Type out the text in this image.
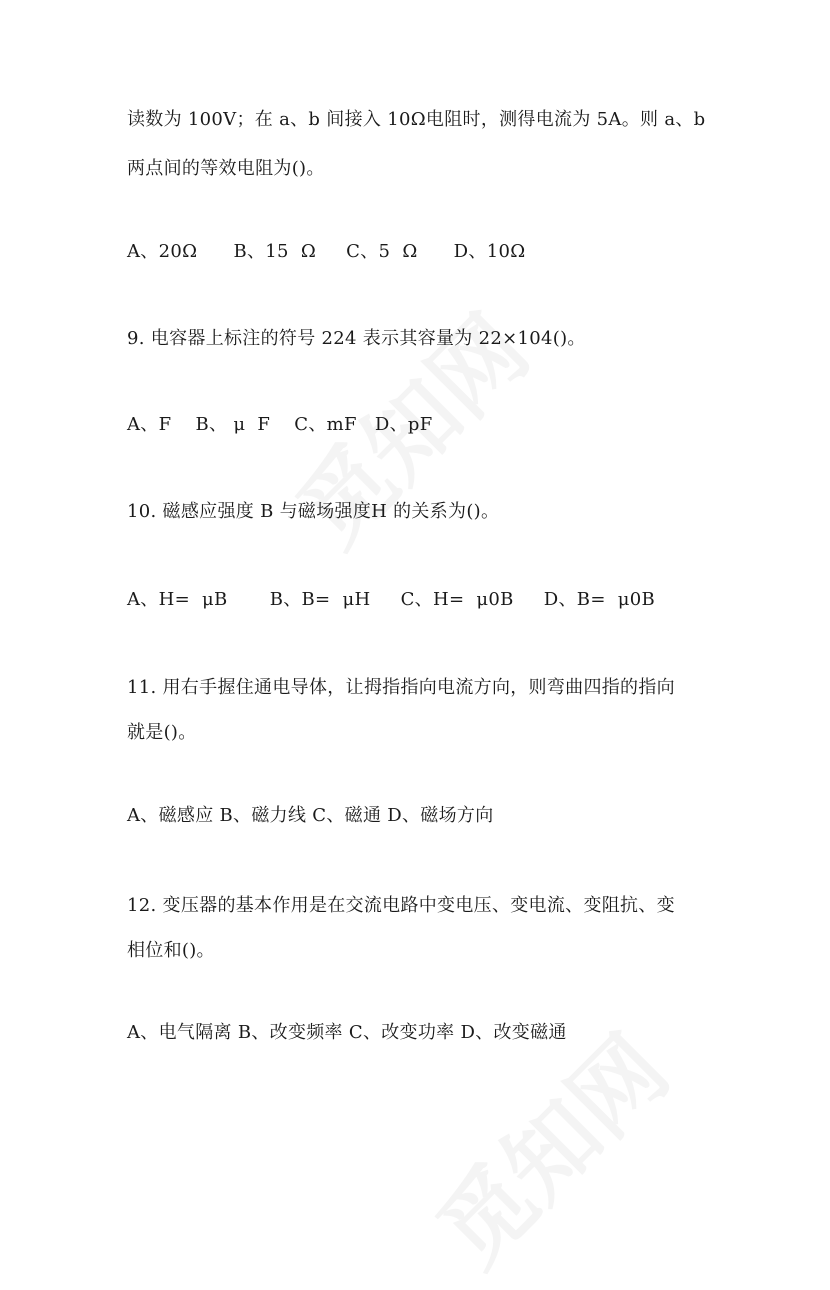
读数为 100V；在 a、b 间接入 10Ω电阻时，测得电流为 5A。则 a、b
两点间的等效电阻为()。
A、20Ω      B、15  Ω     C、5  Ω      D、10Ω
9. 电容器上标注的符号 224 表示其容量为 22×104()。
A、F    B、 μ  F    C、mF   D、pF
10. 磁感应强度 B 与磁场强度H 的关系为()。
A、H=  μB       B、B=  μH     C、H=  μ0B     D、B=  μ0B
11. 用右手握住通电导体，让拇指指向电流方向，则弯曲四指的指向
就是()。
A、磁感应 B、磁力线 C、磁通 D、磁场方向
12. 变压器的基本作用是在交流电路中变电压、变电流、变阻抗、变
相位和()。
A、电气隔离 B、改变频率 C、改变功率 D、改变磁通
